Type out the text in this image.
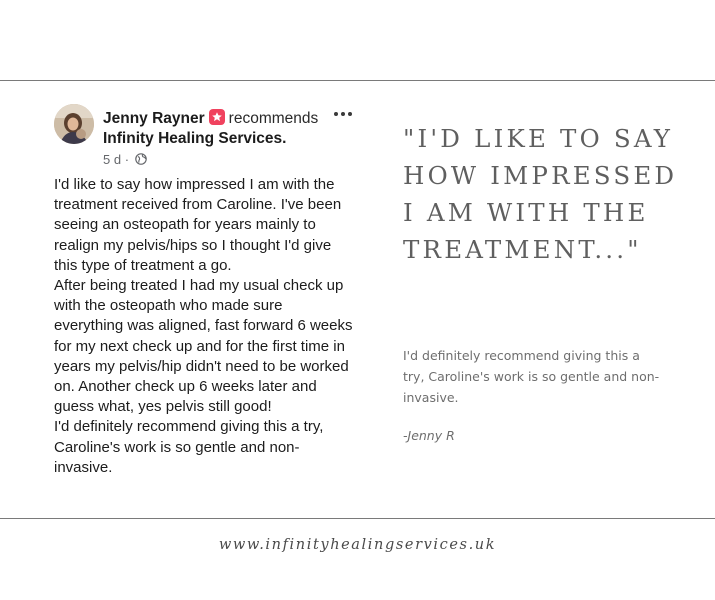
Jenny Rayner recommends
Infinity Healing Services.
5 d ·
I'd like to say how impressed I am with the treatment received from Caroline. I've been seeing an osteopath for years mainly to realign my pelvis/hips so I thought I'd give this type of treatment a go.
After being treated I had my usual check up with the osteopath who made sure everything was aligned, fast forward 6 weeks for my next check up and for the first time in years my pelvis/hip didn't need to be worked on. Another check up 6 weeks later and guess what, yes pelvis still good!
I'd definitely recommend giving this a try, Caroline's work is so gentle and non-invasive.
"I'D LIKE TO SAY HOW IMPRESSED I AM WITH THE TREATMENT..."
I'd definitely recommend giving this a try, Caroline's work is so gentle and non-invasive.
-Jenny R
www.infinityhealingservices.uk
